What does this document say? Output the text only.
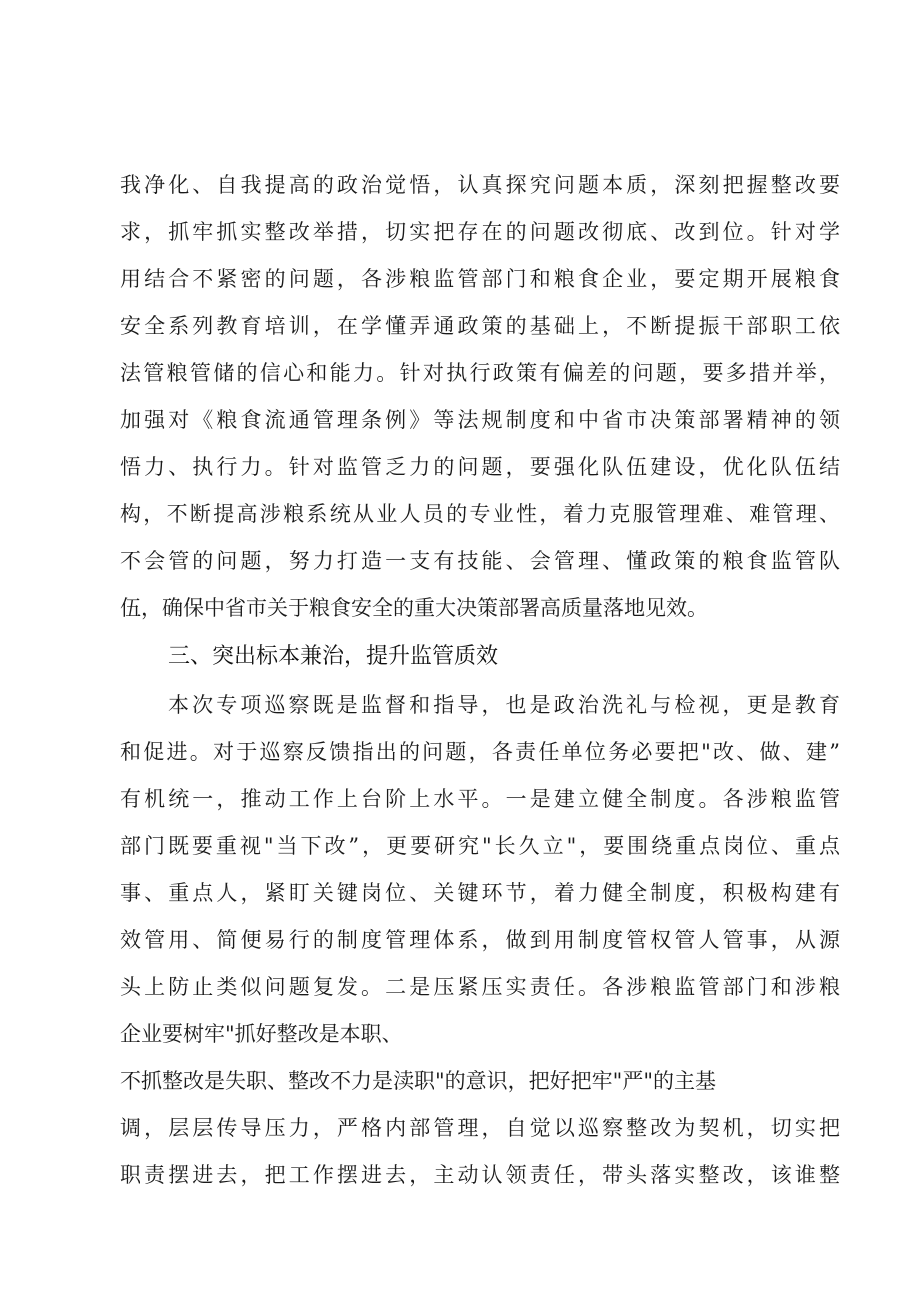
我净化、自我提高的政治觉悟，认真探究问题本质，深刻把握整改要
求，抓牢抓实整改举措，切实把存在的问题改彻底、改到位。针对学
用结合不紧密的问题，各涉粮监管部门和粮食企业，要定期开展粮食
安全系列教育培训，在学懂弄通政策的基础上，不断提振干部职工依
法管粮管储的信心和能力。针对执行政策有偏差的问题，要多措并举，
加强对《粮食流通管理条例》等法规制度和中省市决策部署精神的领
悟力、执行力。针对监管乏力的问题，要强化队伍建设，优化队伍结
构，不断提高涉粮系统从业人员的专业性，着力克服管理难、难管理、
不会管的问题，努力打造一支有技能、会管理、懂政策的粮食监管队
伍，确保中省市关于粮食安全的重大决策部署高质量落地见效。
三、突出标本兼治，提升监管质效
本次专项巡察既是监督和指导，也是政治洗礼与检视，更是教育
和促进。对于巡察反馈指出的问题，各责任单位务必要把"改、做、建”
有机统一，推动工作上台阶上水平。一是建立健全制度。各涉粮监管
部门既要重视"当下改”，更要研究"长久立"，要围绕重点岗位、重点
事、重点人，紧盯关键岗位、关键环节，着力健全制度，积极构建有
效管用、简便易行的制度管理体系，做到用制度管权管人管事，从源
头上防止类似问题复发。二是压紧压实责任。各涉粮监管部门和涉粮
企业要树牢"抓好整改是本职、
不抓整改是失职、整改不力是渎职"的意识，把好把牢"严"的主基
调，层层传导压力，严格内部管理，自觉以巡察整改为契机，切实把
职责摆进去，把工作摆进去，主动认领责任，带头落实整改，该谁整
